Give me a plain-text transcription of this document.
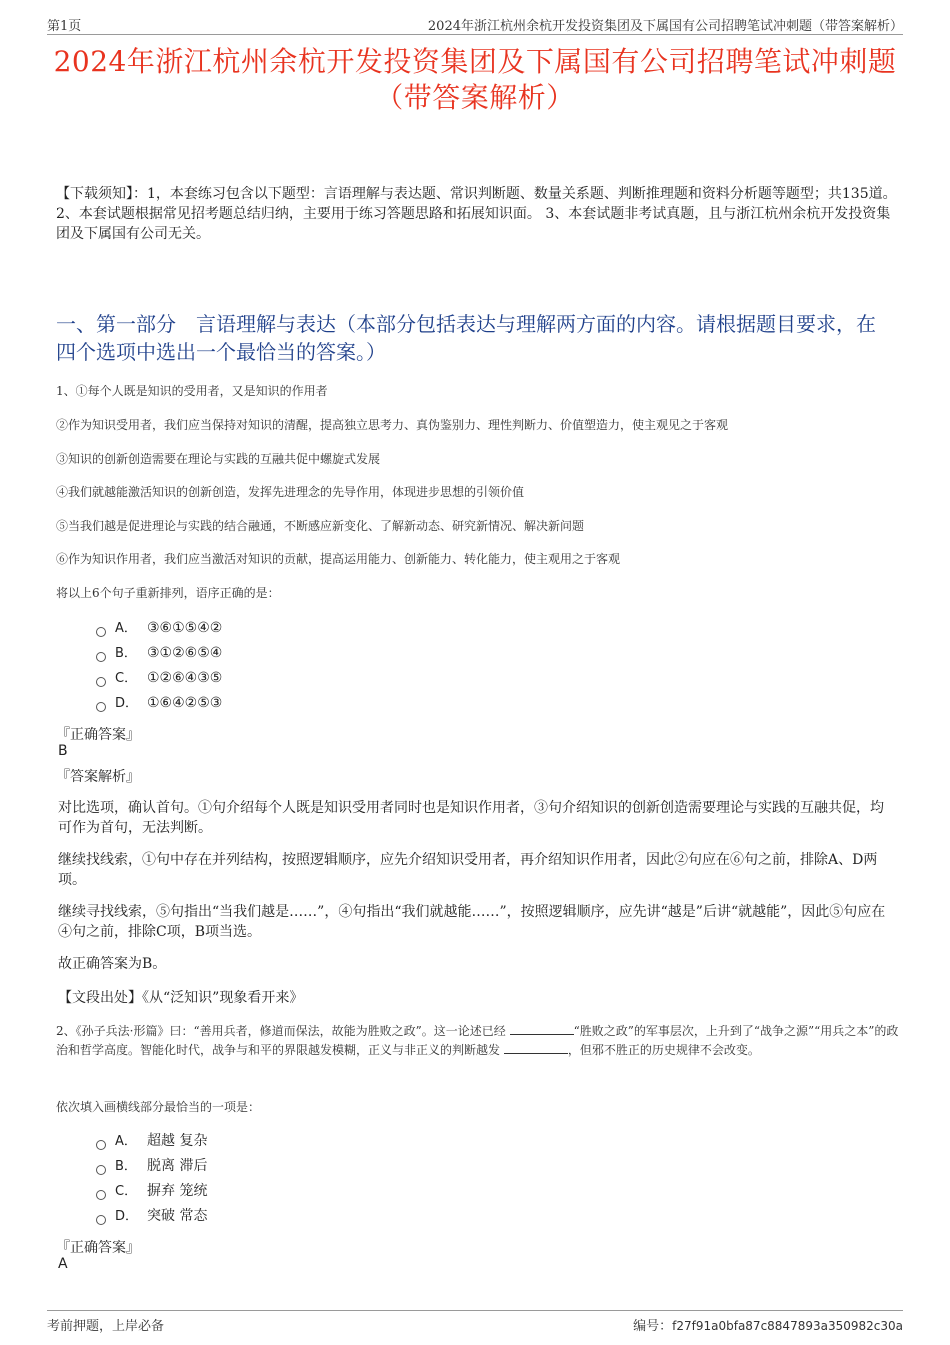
第1页	2024年浙江杭州余杭开发投资集团及下属国有公司招聘笔试冲刺题（带答案解析）
2024年浙江杭州余杭开发投资集团及下属国有公司招聘笔试冲刺题（带答案解析）
【下载须知】：1，本套练习包含以下题型：言语理解与表达题、常识判断题、数量关系题、判断推理题和资料分析题等题型；共135道。 2、本套试题根据常见招考题总结归纳，主要用于练习答题思路和拓展知识面。 3、本套试题非考试真题，且与浙江杭州余杭开发投资集团及下属国有公司无关。
一、第一部分　言语理解与表达（本部分包括表达与理解两方面的内容。请根据题目要求，在四个选项中选出一个最恰当的答案。）

1、①每个人既是知识的受用者，又是知识的作用者

②作为知识受用者，我们应当保持对知识的清醒，提高独立思考力、真伪鉴别力、理性判断力、价值塑造力，使主观见之于客观

③知识的创新创造需要在理论与实践的互融共促中螺旋式发展

④我们就越能激活知识的创新创造，发挥先进理念的先导作用，体现进步思想的引领价值

⑤当我们越是促进理论与实践的结合融通，不断感应新变化、了解新动态、研究新情况、解决新问题

⑥作为知识作用者，我们应当激活对知识的贡献，提高运用能力、创新能力、转化能力，使主观用之于客观

将以上6个句子重新排列，语序正确的是：

A． ③⑥①⑤④②
B． ③①②⑥⑤④
C． ①②⑥④③⑤
D． ①⑥④②⑤③
『正确答案』
B
『答案解析』

对比选项，确认首句。①句介绍每个人既是知识受用者同时也是知识作用者，③句介绍知识的创新创造需要理论与实践的互融共促，均可作为首句，无法判断。

继续找线索，①句中存在并列结构，按照逻辑顺序，应先介绍知识受用者，再介绍知识作用者，因此②句应在⑥句之前，排除A、D两项。

继续寻找线索，⑤句指出“当我们越是……”，④句指出“我们就越能……”，按照逻辑顺序，应先讲“越是”后讲“就越能”，因此⑤句应在④句之前，排除C项，B项当选。

故正确答案为B。

【文段出处】《从“泛知识”现象看开来》

2、《孙子兵法·形篇》曰：“善用兵者，修道而保法，故能为胜败之政”。这一论述已经	“胜败之政”的军事层次，上升到了“战争之源”“用兵之本”的政治和哲学高度。智能化时代，战争与和平的界限越发模糊，正义与非正义的判断越发	，但邪不胜正的历史规律不会改变。

依次填入画横线部分最恰当的一项是：

A． 超越 复杂
B． 脱离 滞后
C． 摒弃 笼统
D． 突破 常态
『正确答案』
A
考前押题，上岸必备	编号：f27f91a0bfa87c8847893a350982c30a
